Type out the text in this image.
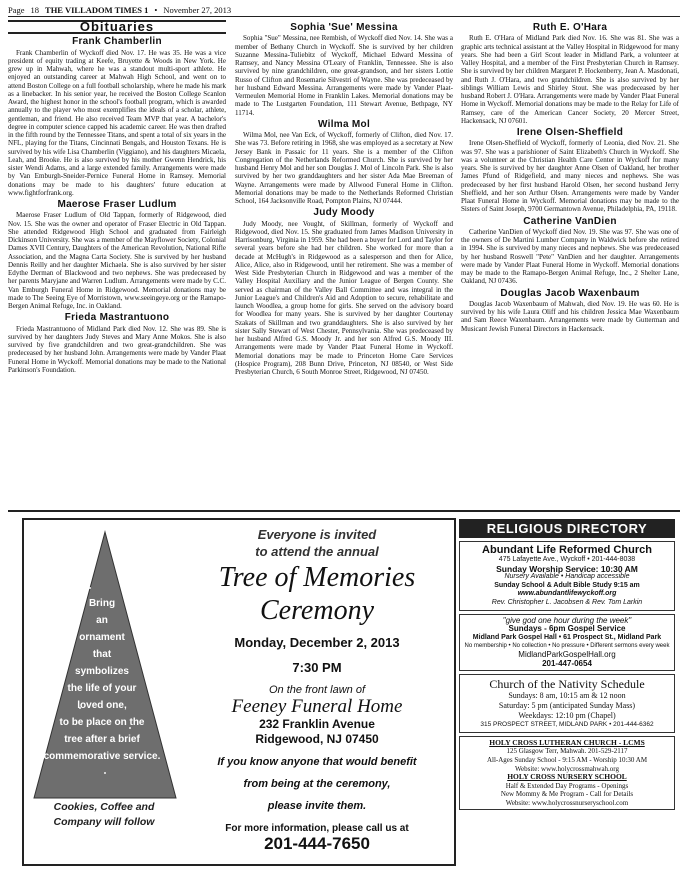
Page 18 THE VILLADOM TIMES 1 • November 27, 2013
Obituaries
Frank Chamberlin

Frank Chamberlin of Wyckoff died Nov. 17. He was 35. He was a vice president of equity trading at Keefe, Bruyette & Woods in New York. He grew up in Mahwah, where he was a standout multi-sport athlete. He enjoyed an outstanding career at Mahwah High School, and went on to attend Boston College on a full football scholarship, where he made his mark as a linebacker. In his senior year, he received the Boston College Scanlon Award, the highest honor in the school's football program, which is awarded annually to the player who most exemplifies the ideals of a scholar, athlete, gentleman, and friend. He also received Team MVP that year. A bachelor's degree in computer science capped his academic career. He was then drafted in the fifth round by the Tennessee Titans, and spent a total of six years in the NFL, playing for the Titans, Cincinnati Bengals, and Houston Texans. He is survived by his wife Lisa Chamberlin (Viggiano), and his daughters Micaela, Leah, and Brooke. He is also survived by his mother Gwenn Hendrick, his sister Wendi Adams, and a large extended family. Arrangements were made by Van Emburgh-Sneider-Pernice Funeral Home in Ramsey. Memorial donations may be made to his daughters' future education at www.fightforfrank.org.

Maerose Fraser Ludlum

Maerose Fraser Ludlum of Old Tappan, formerly of Ridgewood, died Nov. 15. She was the owner and operator of Fraser Electric in Old Tappan. She attended Ridgewood High School and graduated from Fairleigh Dickinson University. She was a member of the Mayflower Society, Colonial Dames XVII Century, Daughters of the American Revolution, National Rifle Association, and the Magna Carta Society. She is survived by her husband Dennis Reilly and her daughter Michaela. She is also survived by her sister Edythe Derman of Blackwood and two nephews. She was predeceased by her parents Maryjane and Warren Ludlum. Arrangements were made by C.C. Van Emburgh Funeral Home in Ridgewood. Memorial donations may be made to The Seeing Eye of Morristown, www.seeingeye.org or the Ramapo-Bergen Animal Refuge, Inc. in Oakland.

Frieda Mastrantuono

Frieda Mastrantuono of Midland Park died Nov. 12. She was 89. She is survived by her daughters Judy Steves and Mary Anne Mokos. She is also survived by five grandchildren and two great-grandchildren. She was predeceased by her husband John. Arrangements were made by Vander Plaat Funeral Home in Wyckoff. Memorial donations may be made to the National Parkinson's Foundation.

Sophia 'Sue' Messina

Sophia "Sue" Messina, nee Rembish, of Wyckoff died Nov. 14. She was a member of Bethany Church in Wyckoff. She is survived by her children Suzanne Messina-Tuliebitz of Wyckoff, Michael Edward Messina of Ramsey, and Nancy Messina O'Leary of Franklin, Tennessee. She is also survived by nine grandchildren, one great-grandson, and her sisters Lottie Russo of Clifton and Rosemarie Silvestri of Wayne. She was predeceased by her husband Edward Messina. Arrangements were made by Vander Plaat-Vermeulen Memorial Home in Franklin Lakes. Memorial donations may be made to The Lustgarten Foundation, 111 Stewart Avenue, Bethpage, NY 11714.

Wilma Mol

Wilma Mol, nee Van Eck, of Wyckoff, formerly of Clifton, died Nov. 17. She was 73. Before retiring in 1968, she was employed as a secretary at New Jersey Bank in Passaic for 11 years. She is a member of the Clifton Congregation of the Netherlands Reformed Church. She is survived by her husband Henry Mol and her son Douglas J. Mol of Lincoln Park. She is also survived by her two granddaughters and her sister Ada Mae Breeman of Wayne. Arrangements were made by Allwood Funeral Home in Clifton. Memorial donations may be made to the Netherlands Reformed Christian School, 164 Jacksonville Road, Pompton Plains, NJ 07444.

Judy Moody

Judy Moody, nee Vought, of Skillman, formerly of Wyckoff and Ridgewood, died Nov. 15. She graduated from James Madison University in Harrisonburg, Virginia in 1959. She had been a buyer for Lord and Taylor for several years before she had her children. She worked for more than a decade at McHugh's in Ridgewood as a salesperson and then for Alice, Alice, Alice, also in Ridgewood, until her retirement. She was a member of West Side Presbyterian Church in Ridgewood and was a member of the Valley Hospital Auxiliary and the Junior League of Bergen County. She served as chairman of the Valley Ball Committee and was integral in the Junior League's and Children's Aid and Adoption to secure, rehabilitate and launch Woodlea, a group home for girls. She served on the advisory board for Woodlea for many years. She is survived by her daughter Courtenay Szakats of Skillman and two granddaughters. She is also survived by her sister Sally Stewart of West Chester, Pennsylvania. She was predeceased by her husband Alfred G.S. Moody Jr. and her son Alfred G.S. Moody III. Arrangements were made by Vander Plaat Funeral Home in Wyckoff. Memorial donations may be made to Princeton Home Care Services (Hospice Program), 208 Bunn Drive, Princeton, NJ 08540, or West Side Presbyterian Church, 6 South Monroe Street, Ridgewood, NJ 07450.

Ruth E. O'Hara

Ruth E. O'Hara of Midland Park died Nov. 16. She was 81. She was a graphic arts technical assistant at the Valley Hospital in Ridgewood for many years. She had been a Girl Scout leader in Midland Park, a volunteer at Valley Hospital, and a member of the First Presbyterian Church in Ramsey. She is survived by her children Margaret P. Hockenberry, Jean A. Masdonati, and Ruth J. O'Hara, and two grandchildren. She is also survived by her siblings William Lewis and Shirley Stout. She was predeceased by her husband Robert J. O'Hara. Arrangements were made by Vander Plaat Funeral Home in Wyckoff. Memorial donations may be made to the Relay for Life of Ramsey, care of the American Cancer Society, 20 Mercer Street, Hackensack, NJ 07601.

Irene Olsen-Sheffield

Irene Olsen-Sheffield of Wyckoff, formerly of Leonia, died Nov. 21. She was 97. She was a parishioner of Saint Elizabeth's Church in Wyckoff. She was a volunteer at the Christian Health Care Center in Wyckoff for many years. She is survived by her daughter Anne Olsen of Oakland, her brother James Pfund of Ridgefield, and many nieces and nephews. She was predeceased by her first husband Harold Olsen, her second husband Jerry Sheffield, and her son Arthur Olsen. Arrangements were made by Vander Plaat Funeral Home in Wyckoff. Memorial donations may be made to the Sisters of Saint Joseph, 9700 Germantown Avenue, Philadelphia, PA, 19118.

Catherine VanDien

Catherine VanDien of Wyckoff died Nov. 19. She was 97. She was one of the owners of De Martini Lumber Company in Waldwick before she retired in 1994. She is survived by many nieces and nephews. She was predeceased by her husband Roswell "Pete" VanDien and her daughter. Arrangements were made by Vander Plaat Funeral Home in Wyckoff. Memorial donations may be made to the Ramapo-Bergen Animal Refuge, Inc., 2 Shelter Lane, Oakland, NJ 07436.

Douglas Jacob Waxenbaum

Douglas Jacob Waxenbaum of Mahwah, died Nov. 19. He was 60. He is survived by his wife Laura Oliff and his children Jessica Mae Waxenbaum and Sam Reece Waxenbaum. Arrangements were made by Gutterman and Musicant Jewish Funeral Directors in Hackensack.

Bring
an
ornament
that
symbolizes
the life of your
loved one,
to be place on the
tree after a brief
commemorative service.
Cookies, Coffee and
Company will follow
Everyone is invited
to attend the annual
Tree of Memories
Ceremony
Monday, December 2, 2013
7:30 PM
On the front lawn of
Feeney Funeral Home
232 Franklin Avenue
Ridgewood, NJ 07450
If you know anyone that would benefit
from being at the ceremony,
please invite them.
For more information, please call us at
201-444-7650
RELIGIOUS DIRECTORY
Abundant Life Reformed Church
475 Lafayette Ave., Wyckoff • 201-444-8038
Sunday Worship Service: 10:30 AM
Nursery Available • Handicap accessible
Sunday School & Adult Bible Study 9:15 am
www.abundantlifewyckoff.org
Rev. Christopher L. Jacobsen & Rev. Tom Larkin
"give god one hour during the week"
Sundays - 6pm Gospel Service
Midland Park Gospel Hall • 61 Prospect St., Midland Park
No membership • No collection • No pressure • Different sermons every week
MidlandParkGospelHall.org
201-447-0654
Church of the Nativity Schedule
Sundays: 8 am, 10:15 am & 12 noon
Saturday: 5 pm (anticipated Sunday Mass)
Weekdays: 12:10 pm (Chapel)
315 PROSPECT STREET, MIDLAND PARK • 201-444-6362
HOLY CROSS LUTHERAN CHURCH - LCMS
125 Glasgow Terr, Mahwah. 201-529-2117
All-Ages Sunday School - 9:15 AM - Worship 10:30 AM
Website: www.holycrossmahwah.org
HOLY CROSS NURSERY SCHOOL
Half & Extended Day Programs - Openings
New Mommy & Me Program - Call for Details
Website: www.holycrossnurseryschool.com
